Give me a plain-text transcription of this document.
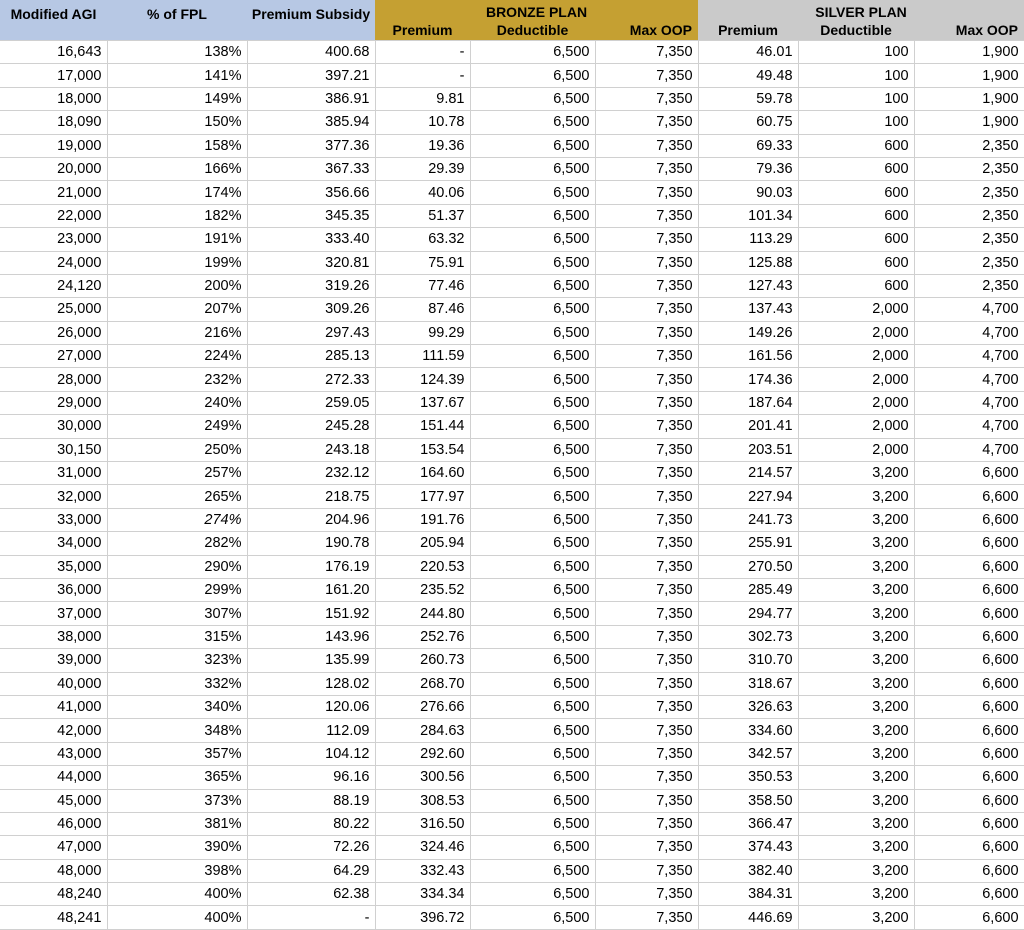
Modified AGI	% of FPL	Premium Subsidy	BRONZE PLAN			SILVER PLAN		
			Premium	Deductible	Max OOP	Premium	Deductible	Max OOP
16,643	138%	400.68	-	6,500	7,350	46.01	100	1,900
17,000	141%	397.21	-	6,500	7,350	49.48	100	1,900
18,000	149%	386.91	9.81	6,500	7,350	59.78	100	1,900
18,090	150%	385.94	10.78	6,500	7,350	60.75	100	1,900
19,000	158%	377.36	19.36	6,500	7,350	69.33	600	2,350
20,000	166%	367.33	29.39	6,500	7,350	79.36	600	2,350
21,000	174%	356.66	40.06	6,500	7,350	90.03	600	2,350
22,000	182%	345.35	51.37	6,500	7,350	101.34	600	2,350
23,000	191%	333.40	63.32	6,500	7,350	113.29	600	2,350
24,000	199%	320.81	75.91	6,500	7,350	125.88	600	2,350
24,120	200%	319.26	77.46	6,500	7,350	127.43	600	2,350
25,000	207%	309.26	87.46	6,500	7,350	137.43	2,000	4,700
26,000	216%	297.43	99.29	6,500	7,350	149.26	2,000	4,700
27,000	224%	285.13	111.59	6,500	7,350	161.56	2,000	4,700
28,000	232%	272.33	124.39	6,500	7,350	174.36	2,000	4,700
29,000	240%	259.05	137.67	6,500	7,350	187.64	2,000	4,700
30,000	249%	245.28	151.44	6,500	7,350	201.41	2,000	4,700
30,150	250%	243.18	153.54	6,500	7,350	203.51	2,000	4,700
31,000	257%	232.12	164.60	6,500	7,350	214.57	3,200	6,600
32,000	265%	218.75	177.97	6,500	7,350	227.94	3,200	6,600
33,000	274%	204.96	191.76	6,500	7,350	241.73	3,200	6,600
34,000	282%	190.78	205.94	6,500	7,350	255.91	3,200	6,600
35,000	290%	176.19	220.53	6,500	7,350	270.50	3,200	6,600
36,000	299%	161.20	235.52	6,500	7,350	285.49	3,200	6,600
37,000	307%	151.92	244.80	6,500	7,350	294.77	3,200	6,600
38,000	315%	143.96	252.76	6,500	7,350	302.73	3,200	6,600
39,000	323%	135.99	260.73	6,500	7,350	310.70	3,200	6,600
40,000	332%	128.02	268.70	6,500	7,350	318.67	3,200	6,600
41,000	340%	120.06	276.66	6,500	7,350	326.63	3,200	6,600
42,000	348%	112.09	284.63	6,500	7,350	334.60	3,200	6,600
43,000	357%	104.12	292.60	6,500	7,350	342.57	3,200	6,600
44,000	365%	96.16	300.56	6,500	7,350	350.53	3,200	6,600
45,000	373%	88.19	308.53	6,500	7,350	358.50	3,200	6,600
46,000	381%	80.22	316.50	6,500	7,350	366.47	3,200	6,600
47,000	390%	72.26	324.46	6,500	7,350	374.43	3,200	6,600
48,000	398%	64.29	332.43	6,500	7,350	382.40	3,200	6,600
48,240	400%	62.38	334.34	6,500	7,350	384.31	3,200	6,600
48,241	400%	-	396.72	6,500	7,350	446.69	3,200	6,600
